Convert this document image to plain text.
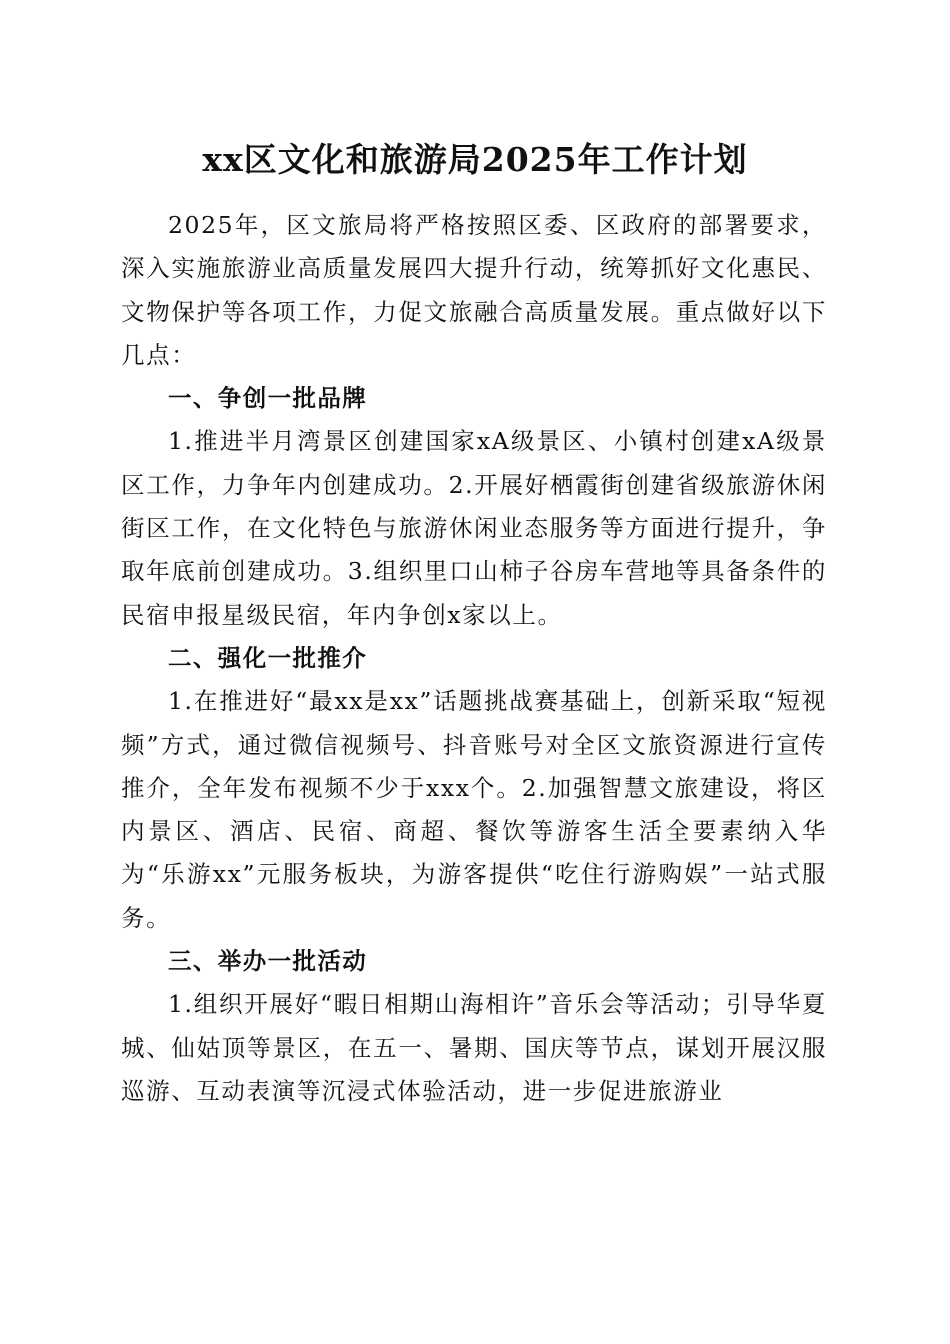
xx区文化和旅游局2025年工作计划

2025年，区文旅局将严格按照区委、区政府的部署要求，深入实施旅游业高质量发展四大提升行动，统筹抓好文化惠民、文物保护等各项工作，力促文旅融合高质量发展。重点做好以下几点：

一、争创一批品牌

1.推进半月湾景区创建国家xA级景区、小镇村创建xA级景区工作，力争年内创建成功。2.开展好栖霞街创建省级旅游休闲街区工作，在文化特色与旅游休闲业态服务等方面进行提升，争取年底前创建成功。3.组织里口山柿子谷房车营地等具备条件的民宿申报星级民宿，年内争创x家以上。

二、强化一批推介

1.在推进好“最xx是xx”话题挑战赛基础上，创新采取“短视频”方式，通过微信视频号、抖音账号对全区文旅资源进行宣传推介，全年发布视频不少于xxx个。2.加强智慧文旅建设，将区内景区、酒店、民宿、商超、餐饮等游客生活全要素纳入华为“乐游xx”元服务板块，为游客提供“吃住行游购娱”一站式服务。

三、举办一批活动

1.组织开展好“暇日相期山海相许”音乐会等活动；引导华夏城、仙姑顶等景区，在五一、暑期、国庆等节点，谋划开展汉服巡游、互动表演等沉浸式体验活动，进一步促进旅游业
